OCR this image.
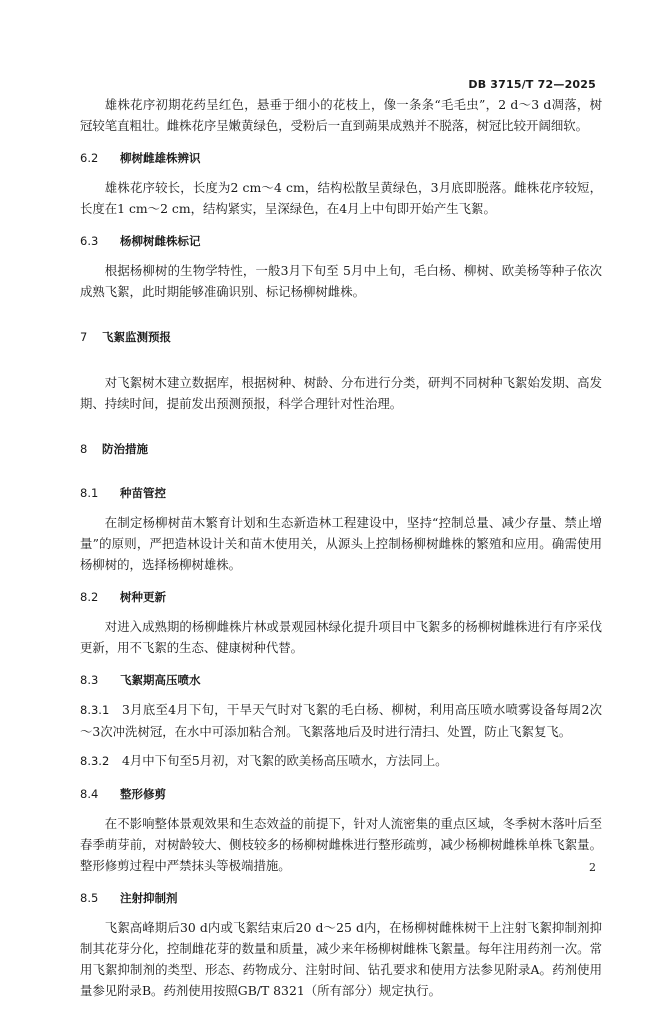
DB 3715/T 72—2025

雄株花序初期花药呈红色，悬垂于细小的花枝上，像一条条“毛毛虫”，2 d～3 d凋落，树冠较笔直粗壮。雌株花序呈嫩黄绿色，受粉后一直到蒴果成熟并不脱落，树冠比较开阔细软。

6.2 柳树雌雄株辨识

雄株花序较长，长度为2 cm～4 cm，结构松散呈黄绿色，3月底即脱落。雌株花序较短，长度在1 cm～2 cm，结构紧实，呈深绿色，在4月上中旬即开始产生飞絮。

6.3 杨柳树雌株标记

根据杨柳树的生物学特性，一般3月下旬至 5月中上旬，毛白杨、柳树、欧美杨等种子依次成熟飞絮，此时期能够准确识别、标记杨柳树雌株。

7 飞絮监测预报

对飞絮树木建立数据库，根据树种、树龄、分布进行分类，研判不同树种飞絮始发期、高发期、持续时间，提前发出预测预报，科学合理针对性治理。

8 防治措施
8.1 种苗管控

在制定杨柳树苗木繁育计划和生态新造林工程建设中，坚持“控制总量、减少存量、禁止增量”的原则，严把造林设计关和苗木使用关，从源头上控制杨柳树雌株的繁殖和应用。确需使用杨柳树的，选择杨柳树雄株。

8.2 树种更新

对进入成熟期的杨柳雌株片林或景观园林绿化提升项目中飞絮多的杨柳树雌株进行有序采伐更新，用不飞絮的生态、健康树种代替。

8.3 飞絮期高压喷水

8.3.1 3月底至4月下旬，干旱天气时对飞絮的毛白杨、柳树，利用高压喷水喷雾设备每周2次～3次冲洗树冠，在水中可添加粘合剂。飞絮落地后及时进行清扫、处置，防止飞絮复飞。

8.3.2 4月中下旬至5月初，对飞絮的欧美杨高压喷水，方法同上。

8.4 整形修剪

在不影响整体景观效果和生态效益的前提下，针对人流密集的重点区域，冬季树木落叶后至春季萌芽前，对树龄较大、侧枝较多的杨柳树雌株进行整形疏剪，减少杨柳树雌株单株飞絮量。整形修剪过程中严禁抹头等极端措施。

8.5 注射抑制剂

飞絮高峰期后30 d内或飞絮结束后20 d～25 d内，在杨柳树雌株树干上注射飞絮抑制剂抑制其花芽分化，控制雌花芽的数量和质量，减少来年杨柳树雌株飞絮量。每年注用药剂一次。常用飞絮抑制剂的类型、形态、药物成分、注射时间、钻孔要求和使用方法参见附录A。药剂使用量参见附录B。药剂使用按照GB/T 8321（所有部分）规定执行。

2
